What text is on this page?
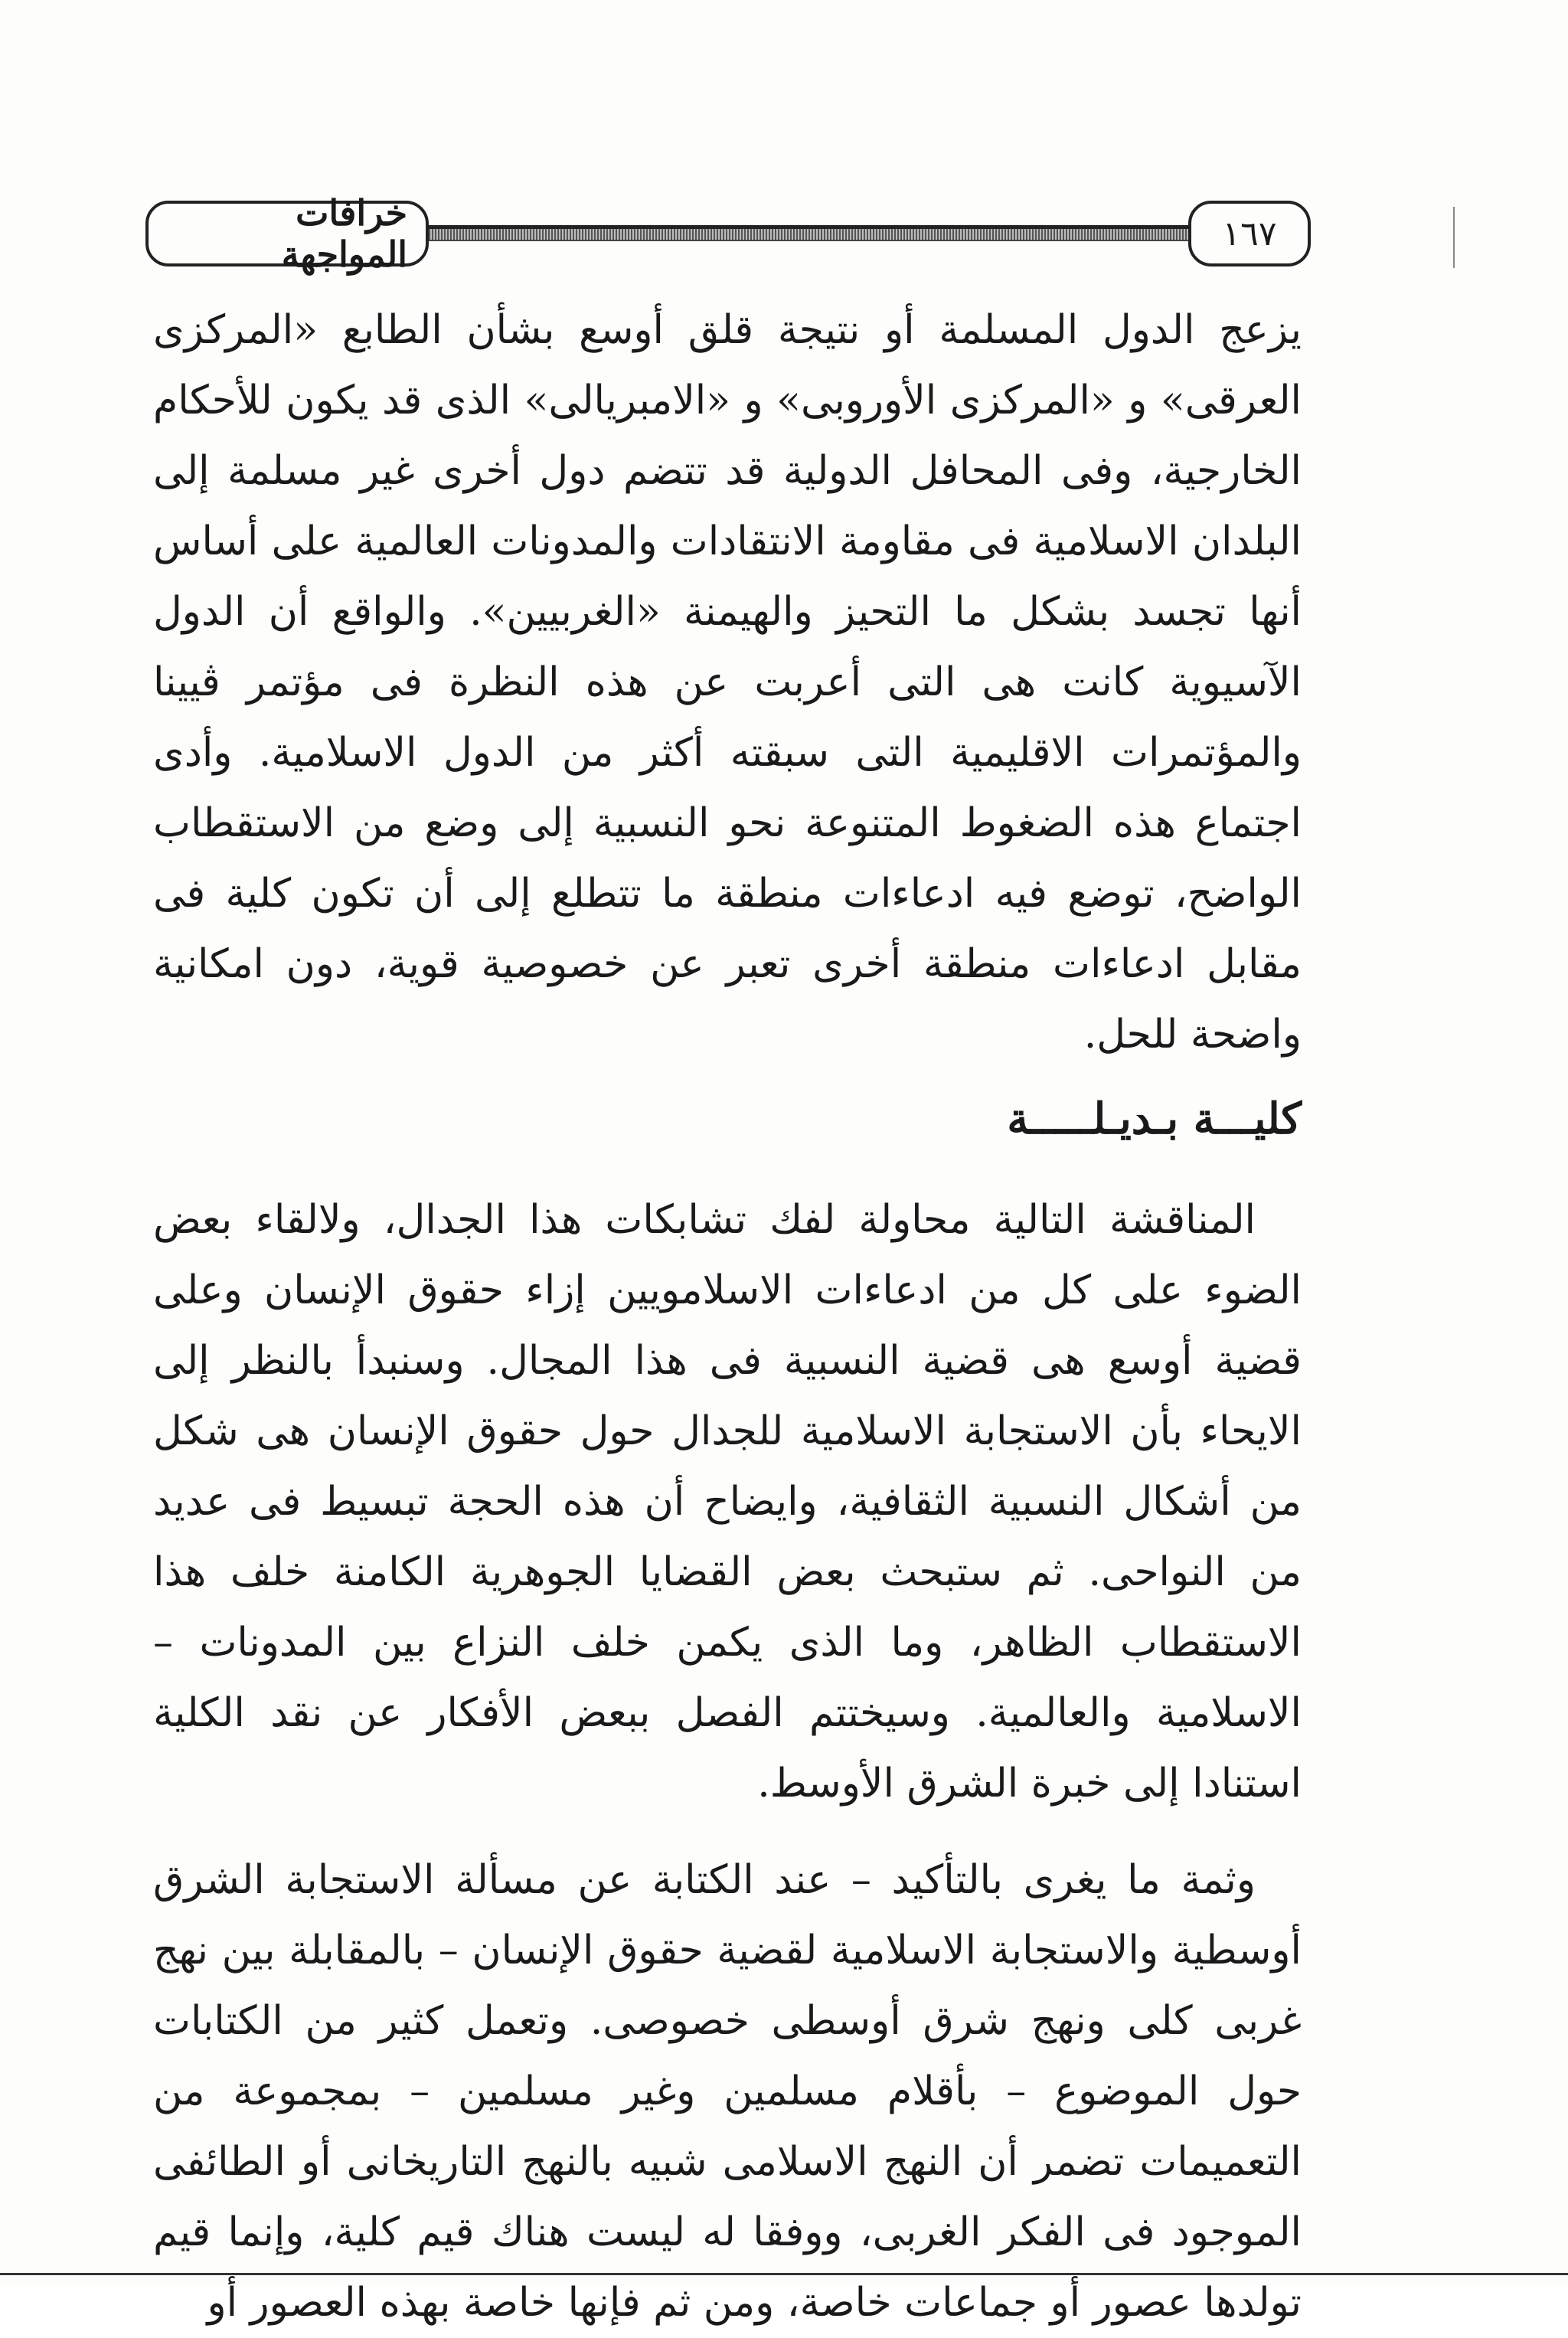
خرافات المواجهة	١٦٧

يزعج الدول المسلمة أو نتيجة قلق أوسع بشأن الطابع «المركزى العرقى» و «المركزى الأوروبى» و «الامبريالى» الذى قد يكون للأحكام الخارجية، وفى المحافل الدولية قد تتضم دول أخرى غير مسلمة إلى البلدان الاسلامية فى مقاومة الانتقادات والمدونات العالمية على أساس أنها تجسد بشكل ما التحيز والهيمنة «الغربيين». والواقع أن الدول الآسيوية كانت هى التى أعربت عن هذه النظرة فى مؤتمر ڤيينا والمؤتمرات الاقليمية التى سبقته أكثر من الدول الاسلامية. وأدى اجتماع هذه الضغوط المتنوعة نحو النسبية إلى وضع من الاستقطاب الواضح، توضع فيه ادعاءات منطقة ما تتطلع إلى أن تكون كلية فى مقابل ادعاءات منطقة أخرى تعبر عن خصوصية قوية، دون امكانية واضحة للحل.

كليـــة بـديـلـــــة

المناقشة التالية محاولة لفك تشابكات هذا الجدال، ولالقاء بعض الضوء على كل من ادعاءات الاسلامويين إزاء حقوق الإنسان وعلى قضية أوسع هى قضية النسبية فى هذا المجال. وسنبدأ بالنظر إلى الايحاء بأن الاستجابة الاسلامية للجدال حول حقوق الإنسان هى شكل من أشكال النسبية الثقافية، وايضاح أن هذه الحجة تبسيط فى عديد من النواحى. ثم ستبحث بعض القضايا الجوهرية الكامنة خلف هذا الاستقطاب الظاهر، وما الذى يكمن خلف النزاع بين المدونات – الاسلامية والعالمية. وسيختتم الفصل ببعض الأفكار عن نقد الكلية استنادا إلى خبرة الشرق الأوسط.

وثمة ما يغرى بالتأكيد – عند الكتابة عن مسألة الاستجابة الشرق أوسطية والاستجابة الاسلامية لقضية حقوق الإنسان – بالمقابلة بين نهج غربى كلى ونهج شرق أوسطى خصوصى. وتعمل كثير من الكتابات حول الموضوع – بأقلام مسلمين وغير مسلمين – بمجموعة من التعميمات تضمر أن النهج الاسلامى شبيه بالنهج التاريخانى أو الطائفى الموجود فى الفكر الغربى، ووفقا له ليست هناك قيم كلية، وإنما قيم تولدها عصور أو جماعات خاصة، ومن ثم فإنها خاصة بهذه العصور أو
